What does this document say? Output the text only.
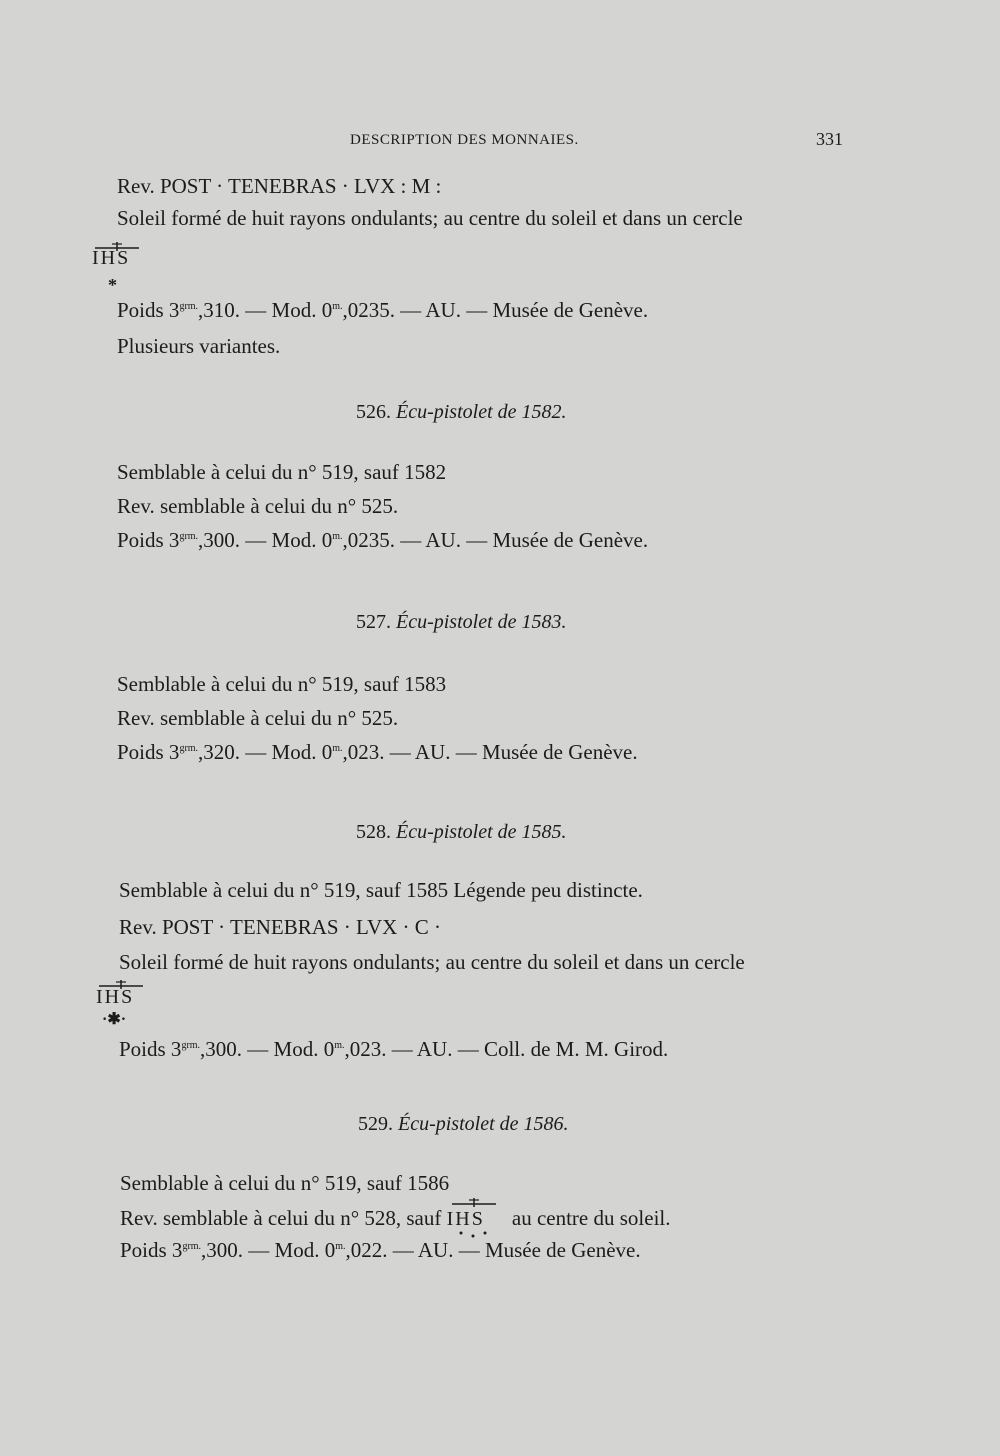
DESCRIPTION DES MONNAIES.	331
Rev. POST · TENEBRAS · LVX : M :
Soleil formé de huit rayons ondulants; au centre du soleil et dans un cercle
IHS
*
Poids $3^{grm.},310$. — Mod. $0^{m.},0235$. — AU. — Musée de Genève.
Plusieurs variantes.
526. Écu-pistolet de 1582.
Semblable à celui du n° 519, sauf 1582
Rev. semblable à celui du n° 525.
Poids $3^{grm.},300$. — Mod. $0^{m.},0235$. — AU. — Musée de Genève.
527. Écu-pistolet de 1583.
Semblable à celui du n° 519, sauf 1583
Rev. semblable à celui du n° 525.
Poids $3^{grm.},320$. — Mod. $0^{m.},023$. — AU. — Musée de Genève.
528. Écu-pistolet de 1585.
Semblable à celui du n° 519, sauf 1585 Légende peu distincte.
Rev. POST · TENEBRAS · LVX · C ·
Soleil formé de huit rayons ondulants; au centre du soleil et dans un cercle
IHS
·✱·
Poids $3^{grm.},300$. — Mod. $0^{m.},023$. — AU. — Coll. de M. M. Girod.
529. Écu-pistolet de 1586.
Semblable à celui du n° 519, sauf 1586
Rev. semblable à celui du n° 528, sauf IHS au centre du soleil.
Poids $3^{grm.},300$. — Mod. $0^{m.},022$. — AU. — Musée de Genève.
